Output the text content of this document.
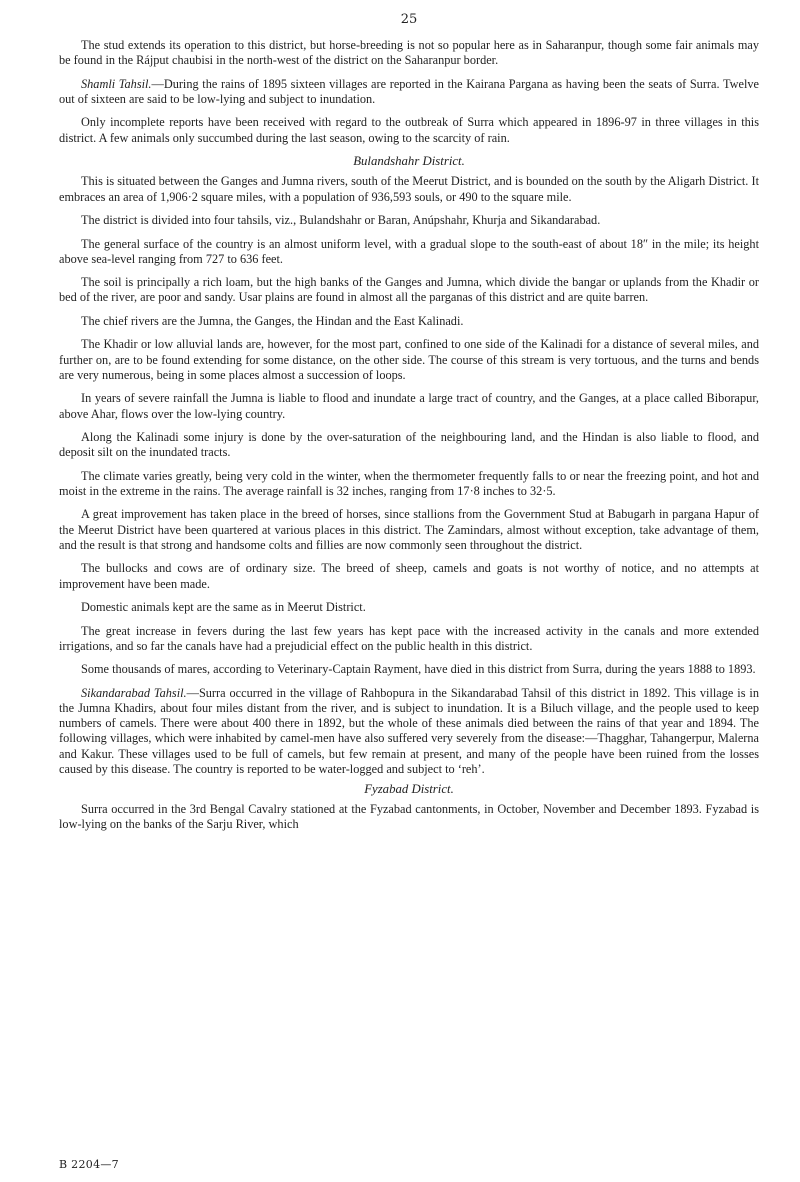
25

The stud extends its operation to this district, but horse-breeding is not so popular here as in Saharanpur, though some fair animals may be found in the Rájput chaubisi in the north-west of the district on the Saharanpur border.

Shamli Tahsil.—During the rains of 1895 sixteen villages are reported in the Kairana Pargana as having been the seats of Surra. Twelve out of sixteen are said to be low-lying and subject to inundation.

Only incomplete reports have been received with regard to the outbreak of Surra which appeared in 1896-97 in three villages in this district. A few animals only succumbed during the last season, owing to the scarcity of rain.

Bulandshahr District.

This is situated between the Ganges and Jumna rivers, south of the Meerut District, and is bounded on the south by the Aligarh District. It embraces an area of 1,906·2 square miles, with a population of 936,593 souls, or 490 to the square mile.

The district is divided into four tahsils, viz., Bulandshahr or Baran, Anúpshahr, Khurja and Sikandarabad.

The general surface of the country is an almost uniform level, with a gradual slope to the south-east of about 18″ in the mile; its height above sea-level ranging from 727 to 636 feet.

The soil is principally a rich loam, but the high banks of the Ganges and Jumna, which divide the bangar or uplands from the Khadir or bed of the river, are poor and sandy. Usar plains are found in almost all the parganas of this district and are quite barren.

The chief rivers are the Jumna, the Ganges, the Hindan and the East Kalinadi.

The Khadir or low alluvial lands are, however, for the most part, confined to one side of the Kalinadi for a distance of several miles, and further on, are to be found extending for some distance, on the other side. The course of this stream is very tortuous, and the turns and bends are very numerous, being in some places almost a succession of loops.

In years of severe rainfall the Jumna is liable to flood and inundate a large tract of country, and the Ganges, at a place called Biborapur, above Ahar, flows over the low-lying country.

Along the Kalinadi some injury is done by the over-saturation of the neighbouring land, and the Hindan is also liable to flood, and deposit silt on the inundated tracts.

The climate varies greatly, being very cold in the winter, when the thermometer frequently falls to or near the freezing point, and hot and moist in the extreme in the rains. The average rainfall is 32 inches, ranging from 17·8 inches to 32·5.

A great improvement has taken place in the breed of horses, since stallions from the Government Stud at Babugarh in pargana Hapur of the Meerut District have been quartered at various places in this district. The Zamindars, almost without exception, take advantage of them, and the result is that strong and handsome colts and fillies are now commonly seen throughout the district.

The bullocks and cows are of ordinary size. The breed of sheep, camels and goats is not worthy of notice, and no attempts at improvement have been made.

Domestic animals kept are the same as in Meerut District.

The great increase in fevers during the last few years has kept pace with the increased activity in the canals and more extended irrigations, and so far the canals have had a prejudicial effect on the public health in this district.

Some thousands of mares, according to Veterinary-Captain Rayment, have died in this district from Surra, during the years 1888 to 1893.

Sikandarabad Tahsil.—Surra occurred in the village of Rahbopura in the Sikandarabad Tahsil of this district in 1892. This village is in the Jumna Khadirs, about four miles distant from the river, and is subject to inundation. It is a Biluch village, and the people used to keep numbers of camels. There were about 400 there in 1892, but the whole of these animals died between the rains of that year and 1894. The following villages, which were inhabited by camel-men have also suffered very severely from the disease:—Thagghar, Tahangerpur, Malerna and Kakur. These villages used to be full of camels, but few remain at present, and many of the people have been ruined from the losses caused by this disease. The country is reported to be water-logged and subject to ‘reh’.

Fyzabad District.

Surra occurred in the 3rd Bengal Cavalry stationed at the Fyzabad cantonments, in October, November and December 1893. Fyzabad is low-lying on the banks of the Sarju River, which

B 2204—7
